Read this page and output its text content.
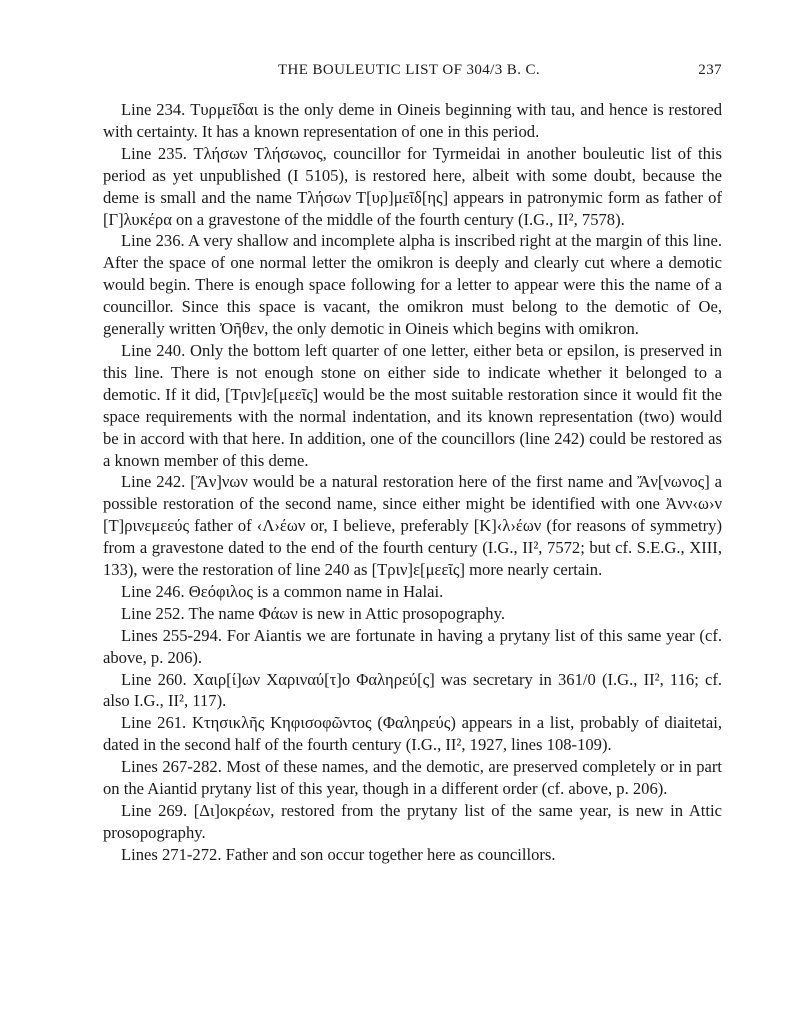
THE BOULEUTIC LIST OF 304/3 B. C.	237

Line 234. Τυρμεῖδαι is the only deme in Oineis beginning with tau, and hence is restored with certainty. It has a known representation of one in this period.

Line 235. Τλήσων Τλήσωνος, councillor for Tyrmeidai in another bouleutic list of this period as yet unpublished (I 5105), is restored here, albeit with some doubt, because the deme is small and the name Τλήσων Τ[υρ]μεῖδ[ης] appears in patronymic form as father of [Γ]λυκέρα on a gravestone of the middle of the fourth century (I.G., II², 7578).

Line 236. A very shallow and incomplete alpha is inscribed right at the margin of this line. After the space of one normal letter the omikron is deeply and clearly cut where a demotic would begin. There is enough space following for a letter to appear were this the name of a councillor. Since this space is vacant, the omikron must belong to the demotic of Oe, generally written Ὀῆθεν, the only demotic in Oineis which begins with omikron.

Line 240. Only the bottom left quarter of one letter, either beta or epsilon, is preserved in this line. There is not enough stone on either side to indicate whether it belonged to a demotic. If it did, [Τριν]ε[μεεῖς] would be the most suitable restoration since it would fit the space requirements with the normal indentation, and its known representation (two) would be in accord with that here. In addition, one of the councillors (line 242) could be restored as a known member of this deme.

Line 242. [Ἄν]νων would be a natural restoration here of the first name and Ἄν[νωνος] a possible restoration of the second name, since either might be identified with one Ἀνν‹ω›ν [Τ]ρινεμεεύς father of ‹Λ›έων or, I believe, preferably [Κ]‹λ›έων (for reasons of symmetry) from a gravestone dated to the end of the fourth century (I.G., II², 7572; but cf. S.E.G., XIII, 133), were the restoration of line 240 as [Τριν]ε[μεεῖς] more nearly certain.

Line 246. Θεόφιλος is a common name in Halai.

Line 252. The name Φάων is new in Attic prosopography.

Lines 255-294. For Aiantis we are fortunate in having a prytany list of this same year (cf. above, p. 206).

Line 260. Χαιρ[ί]ων Χαριναύ[τ]ο Φαληρεύ[ς] was secretary in 361/0 (I.G., II², 116; cf. also I.G., II², 117).

Line 261. Κτησικλῆς Κηφισοφῶντος (Φαληρεύς) appears in a list, probably of diaitetai, dated in the second half of the fourth century (I.G., II², 1927, lines 108-109).

Lines 267-282. Most of these names, and the demotic, are preserved completely or in part on the Aiantid prytany list of this year, though in a different order (cf. above, p. 206).

Line 269. [Δι]οκρέων, restored from the prytany list of the same year, is new in Attic prosopography.

Lines 271-272. Father and son occur together here as councillors.
